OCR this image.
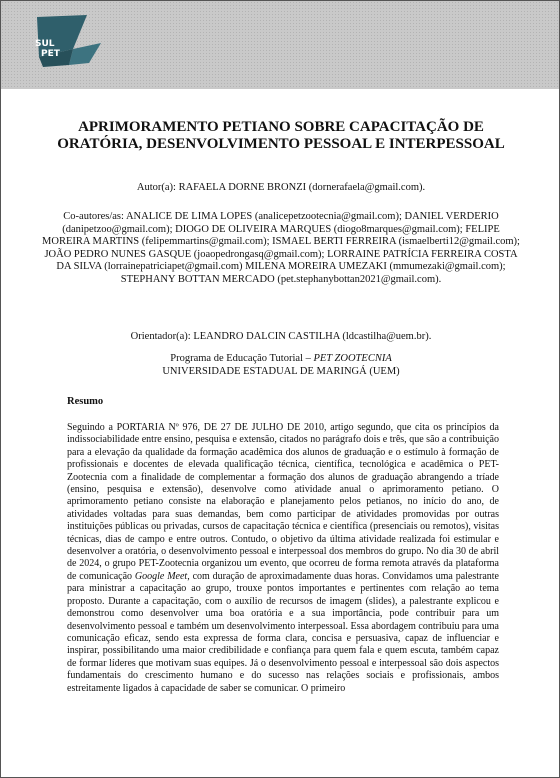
SUL
PET
APRIMORAMENTO PETIANO SOBRE CAPACITAÇÃO DE ORATÓRIA, DESENVOLVIMENTO PESSOAL E INTERPESSOAL
Autor(a): RAFAELA DORNE BRONZI (dornerafaela@gmail.com).
Co-autores/as: ANALICE DE LIMA LOPES (analicepetzootecnia@gmail.com); DANIEL VERDERIO (danipetzoo@gmail.com); DIOGO DE OLIVEIRA MARQUES (diogo8marques@gmail.com); FELIPE MOREIRA MARTINS (felipemmartins@gmail.com); ISMAEL BERTI FERREIRA (ismaelberti12@gmail.com); JOÃO PEDRO NUNES GASQUE (joaopedrongasq@gmail.com); LORRAINE PATRÍCIA FERREIRA COSTA DA SILVA (lorrainepatriciapet@gmail.com) MILENA MOREIRA UMEZAKI (mmumezaki@gmail.com); STEPHANY BOTTAN MERCADO (pet.stephanybottan2021@gmail.com).
Orientador(a): LEANDRO DALCIN CASTILHA (ldcastilha@uem.br).
Programa de Educação Tutorial – PET ZOOTECNIA
UNIVERSIDADE ESTADUAL DE MARINGÁ (UEM)
Resumo

Seguindo a PORTARIA Nº 976, DE 27 DE JULHO DE 2010, artigo segundo, que cita os princípios da indissociabilidade entre ensino, pesquisa e extensão, citados no parágrafo dois e três, que são a contribuição para a elevação da qualidade da formação acadêmica dos alunos de graduação e o estímulo à formação de profissionais e docentes de elevada qualificação técnica, científica, tecnológica e acadêmica o PET-Zootecnia com a finalidade de complementar a formação dos alunos de graduação abrangendo a tríade (ensino, pesquisa e extensão), desenvolve como atividade anual o aprimoramento petiano. O aprimoramento petiano consiste na elaboração e planejamento pelos petianos, no início do ano, de atividades voltadas para suas demandas, bem como participar de atividades promovidas por outras instituições públicas ou privadas, cursos de capacitação técnica e científica (presenciais ou remotos), visitas técnicas, dias de campo e entre outros. Contudo, o objetivo da última atividade realizada foi estimular e desenvolver a oratória, o desenvolvimento pessoal e interpessoal dos membros do grupo. No dia 30 de abril de 2024, o grupo PET-Zootecnia organizou um evento, que ocorreu de forma remota através da plataforma de comunicação Google Meet, com duração de aproximadamente duas horas. Convidamos uma palestrante para ministrar a capacitação ao grupo, trouxe pontos importantes e pertinentes com relação ao tema proposto. Durante a capacitação, com o auxílio de recursos de imagem (slides), a palestrante explicou e demonstrou como desenvolver uma boa oratória e a sua importância, pode contribuir para um desenvolvimento pessoal e também um desenvolvimento interpessoal. Essa abordagem contribuiu para uma comunicação eficaz, sendo esta expressa de forma clara, concisa e persuasiva, capaz de influenciar e inspirar, possibilitando uma maior credibilidade e confiança para quem fala e quem escuta, também capaz de formar líderes que motivam suas equipes. Já o desenvolvimento pessoal e interpessoal são dois aspectos fundamentais do crescimento humano e do sucesso nas relações sociais e profissionais, ambos estreitamente ligados à capacidade de saber se comunicar. O primeiro
